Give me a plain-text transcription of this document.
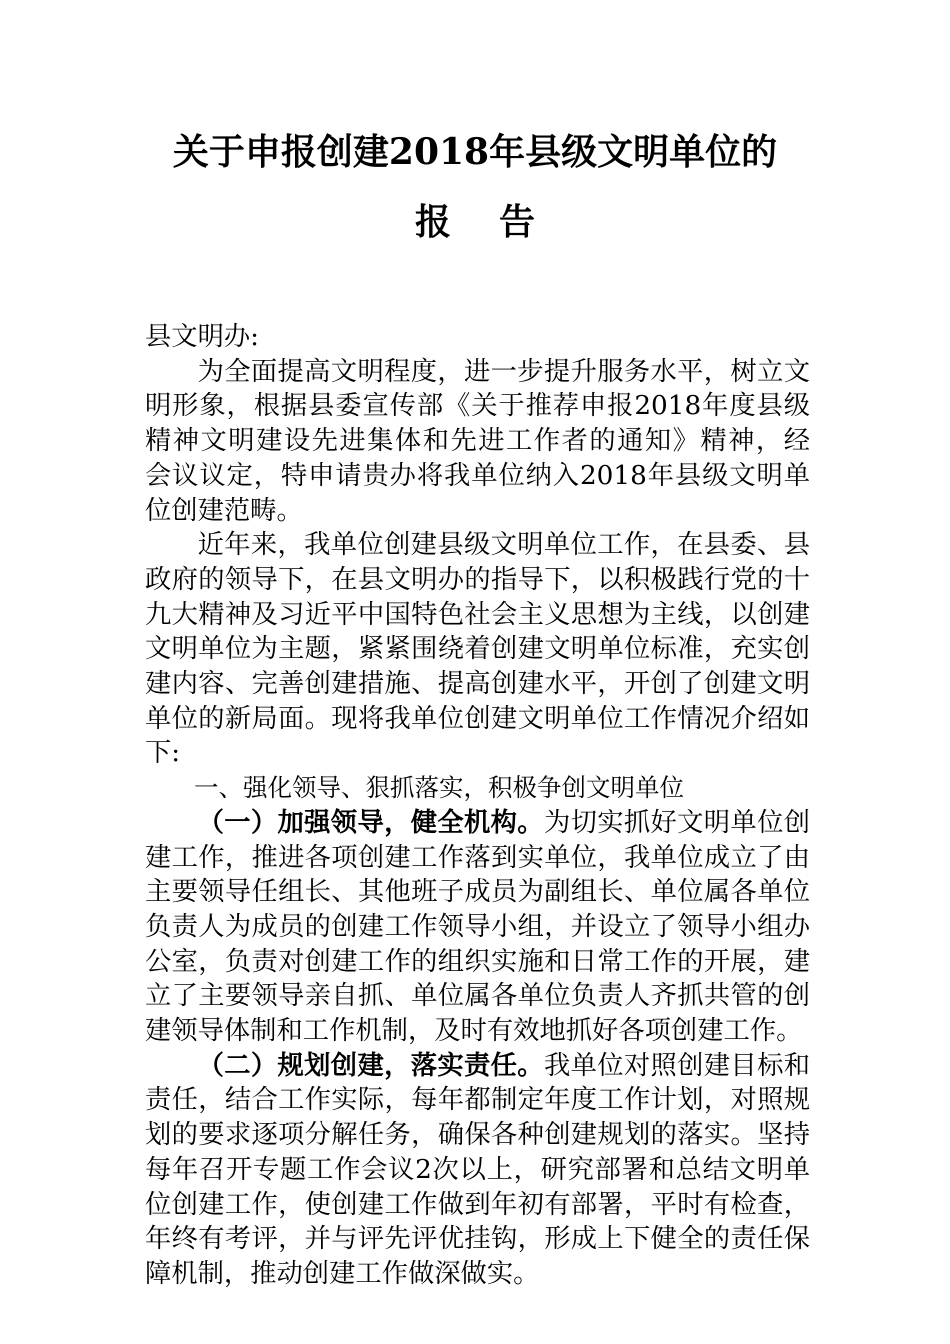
关于申报创建2018年县级文明单位的
报告

县文明办:

为全面提高文明程度，进一步提升服务水平，树立文明形象，根据县委宣传部《关于推荐申报2018年度县级精神文明建设先进集体和先进工作者的通知》精神，经　 会议议定，特申请贵办将我单位纳入2018年县级文明单位创建范畴。

近年来，我单位创建县级文明单位工作，在县委、县政府的领导下，在县文明办的指导下，以积极践行党的十九大精神及习近平中国特色社会主义思想为主线，以创建文明单位为主题，紧紧围绕着创建文明单位标准，充实创建内容、完善创建措施、提高创建水平，开创了创建文明单位的新局面。现将我单位创建文明单位工作情况介绍如下:

一、强化领导、狠抓落实，积极争创文明单位

（一）加强领导，健全机构。为切实抓好文明单位创建工作，推进各项创建工作落到实单位，我单位成立了由主要领导任组长、其他班子成员为副组长、单位属各单位负责人为成员的创建工作领导小组，并设立了领导小组办公室，负责对创建工作的组织实施和日常工作的开展，建立了主要领导亲自抓、单位属各单位负责人齐抓共管的创建领导体制和工作机制，及时有效地抓好各项创建工作。

（二）规划创建，落实责任。我单位对照创建目标和责任，结合工作实际，每年都制定年度工作计划，对照规划的要求逐项分解任务，确保各种创建规划的落实。坚持每年召开专题工作会议2次以上，研究部署和总结文明单位创建工作，使创建工作做到年初有部署，平时有检查，年终有考评，并与评先评优挂钩，形成上下健全的责任保障机制，推动创建工作做深做实。
